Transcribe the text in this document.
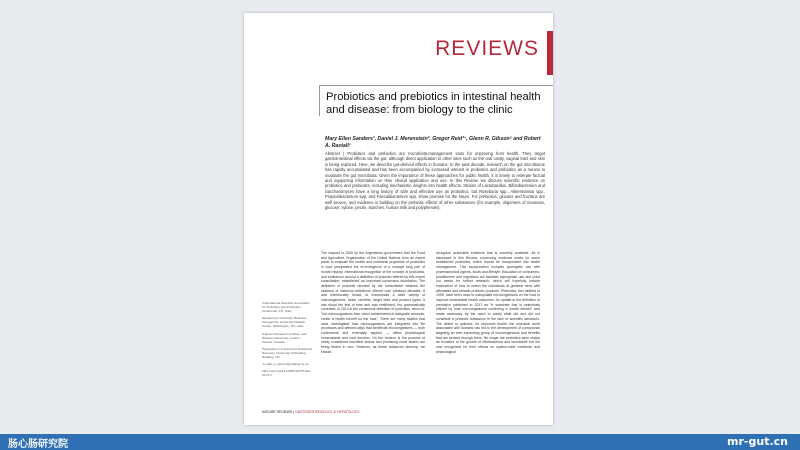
REVIEWS
Probiotics and prebiotics in intestinal health and disease: from biology to the clinic
Mary Ellen Sanders¹, Daniel J. Merenstein², Gregor Reid³⁴, Glenn R. Gibson⁵ and Robert A. Rastall⁵
Abstract | Probiotics and prebiotics are microbiota-management tools for improving host health. They target gastrointestinal effects via the gut, although direct application to other sites such as the oral cavity, vaginal tract and skin is being explored. Here, we describe gut-derived effects in humans. In the past decade, research on the gut microbiome has rapidly accumulated and has been accompanied by increased interest in probiotics and prebiotics as a means to modulate the gut microbiota. Given the importance of these approaches for public health, it is timely to reiterate factual and supporting information on their clinical application and use. In this Review, we discuss scientific evidence on probiotics and prebiotics, including mechanistic insights into health effects. Strains of Lactobacillus, Bifidobacterium and Saccharomyces have a long history of safe and effective use as probiotics, but Roseburia spp., Akkermansia spp., Propionibacterium spp. and Faecalibacterium spp. show promise for the future. For prebiotics, glucans and fructans are well proven, and evidence is building on the prebiotic effects of other substances (for example, oligomers of mannose, glucose, xylose, pectin, starches, human milk and polyphenols).

¹International Scientific Association for Probiotics and Prebiotics, Centennial, CO, USA.

²Department of Family Medicine, Georgetown University Medical Center, Washington, DC, USA.

³Lawson Research Institute, and Western University, London, Ontario, Canada.

⁵Department of Food and Nutritional Sciences, University of Reading, Reading, UK.

*e-mail: g.r.gibson@reading.ac.uk

https://doi.org/10.1038/s41575-019-0173-3

The request in 2000 by the Argentinian government that the Food and Agriculture Organization of the United Nations form an expert panel to evaluate the health and nutritional properties of probiotics in food precipitated the re-emergence of a concept long part of human history. International recognition of the concept of probiotics, and endeavour around a definition of probiotic offered by this expert consultation; established an important consensus foundation. The definition of probiotic decided by the consultation retained the essence of historical definitions offered over previous decades. It was intentionally broad, to encompass a wide variety of microorganisms, hosts, benefits, target sites and product types. It has stood the test of time and was reaffirmed, but grammatically corrected, in 2014 in the consensus definition of probiotics, which is: "live microorganisms that, when administered in adequate amounts, confer a health benefit on the host". There are many studies that have investigated how microorganisms are integrated into life processes and defined ways that beneficial microorganisms — both commensal and externally applied — affect physiological homeostasis and host function. On the horizon is the promise of newly considered microbial strains and promising novel strains are being tested in vivo. However, as these advances develop, we should
recognize actionable evidence that is currently available. As is discussed in this Review, convincing evidence exists for some established probiotics, which should be incorporated into health management. This incorporation includes synergistic use with pharmaceutical agents, foods and lifestyle. Education of consumers, practitioners and regulators will facilitate appropriate use and point out needs for further research, which will hopefully include exploration of how to match the individuals at greatest need with affordable and reliable probiotic products. Prebiotics, first defined in 1995, have been used to manipulate microorganisms on the host to improve measurable health outcomes. An update to the definition of prebiotics published in 2017 as "a substrate that is selectively utilized by host microorganisms conferring a health benefit" was made necessary by the need to clarify what did and did not constitute a prebiotic substance in the face of scientific advances. The desire to optimize, for improved health, the microbial world associated with humans has led to the development of compounds targeting an ever-expanding group of microorganisms and benefits that are derived through them. No longer are prebiotics seen simply as boosters of the growth of bifidobacteria and lactobacilli but are now recognized for their effects on system-wide metabolic and physiological
NATURE REVIEWS | GASTROENTEROLOGY & HEPATOLOGY
肠心肠研究院	mr-gut.cn
